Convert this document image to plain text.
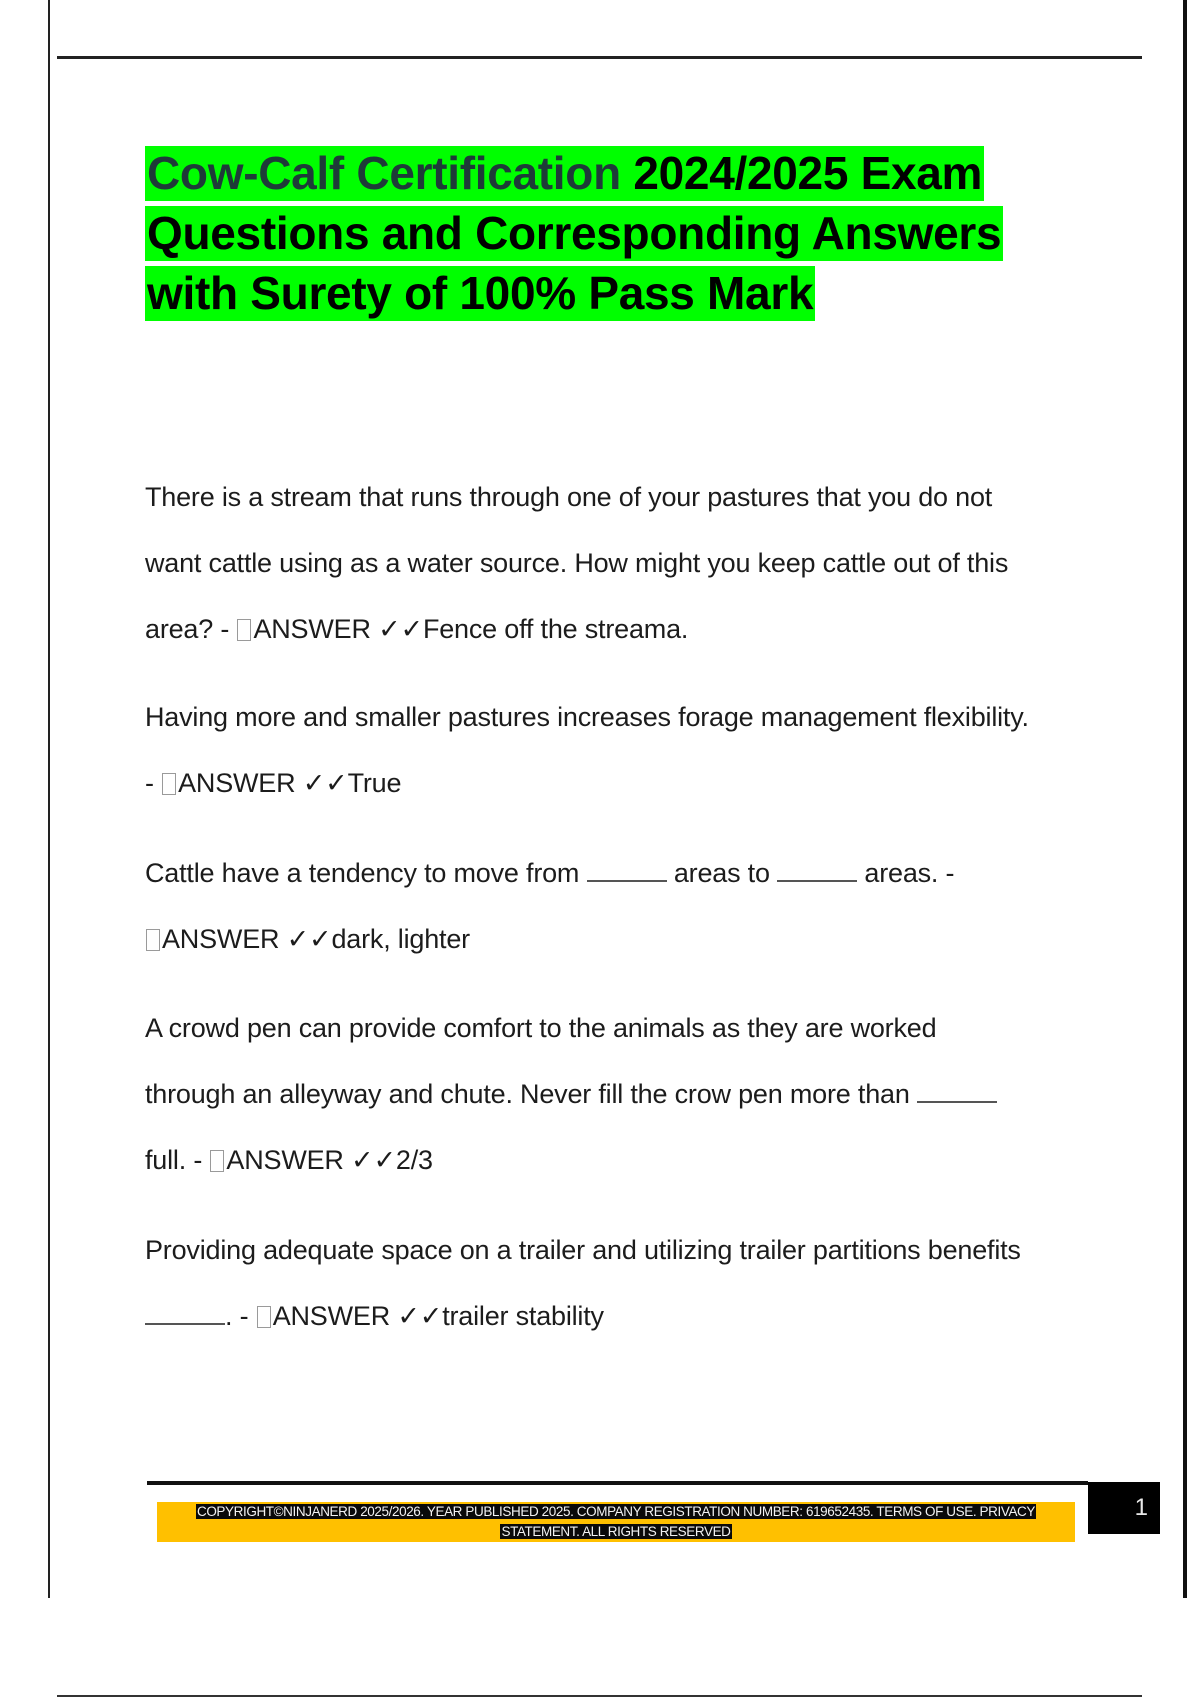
Cow-Calf Certification 2024/2025 Exam
Questions and Corresponding Answers
with Surety of 100% Pass Mark
There is a stream that runs through one of your pastures that you do not
want cattle using as a water source. How might you keep cattle out of this
area? - ANSWER ✓✓Fence off the streama.
Having more and smaller pastures increases forage management flexibility.
- ANSWER ✓✓True
Cattle have a tendency to move from	areas to	areas. -
ANSWER ✓✓dark, lighter
A crowd pen can provide comfort to the animals as they are worked
through an alleyway and chute. Never fill the crow pen more than
full. - ANSWER ✓✓2/3
Providing adequate space on a trailer and utilizing trailer partitions benefits
. - ANSWER ✓✓trailer stability
COPYRIGHT©NINJANERD 2025/2026. YEAR PUBLISHED 2025. COMPANY REGISTRATION NUMBER: 619652435. TERMS OF USE. PRIVACY
STATEMENT. ALL RIGHTS RESERVED
1
